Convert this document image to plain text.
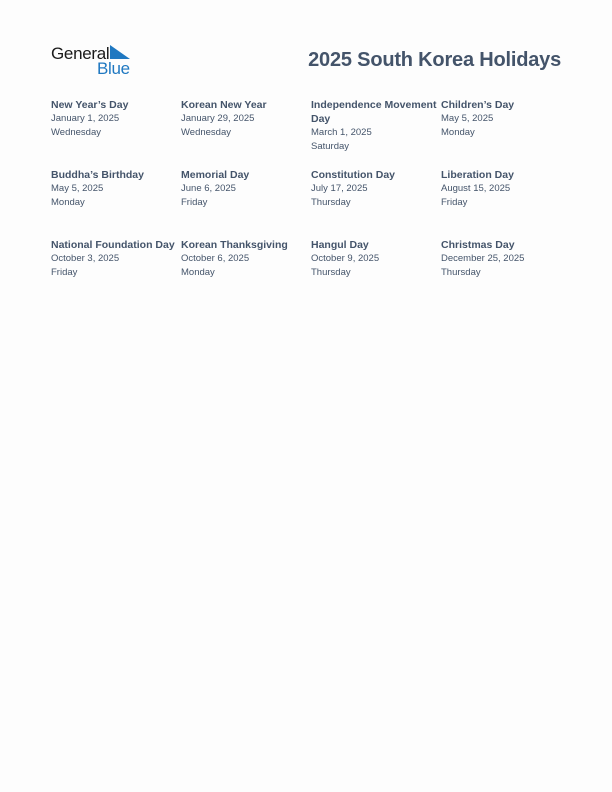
General
Blue	2025 South Korea Holidays
New Year’s Day
January 1, 2025
Wednesday
Korean New Year
January 29, 2025
Wednesday
Independence Movement Day
March 1, 2025
Saturday
Children’s Day
May 5, 2025
Monday
Buddha’s Birthday
May 5, 2025
Monday
Memorial Day
June 6, 2025
Friday
Constitution Day
July 17, 2025
Thursday
Liberation Day
August 15, 2025
Friday
National Foundation Day
October 3, 2025
Friday
Korean Thanksgiving
October 6, 2025
Monday
Hangul Day
October 9, 2025
Thursday
Christmas Day
December 25, 2025
Thursday
